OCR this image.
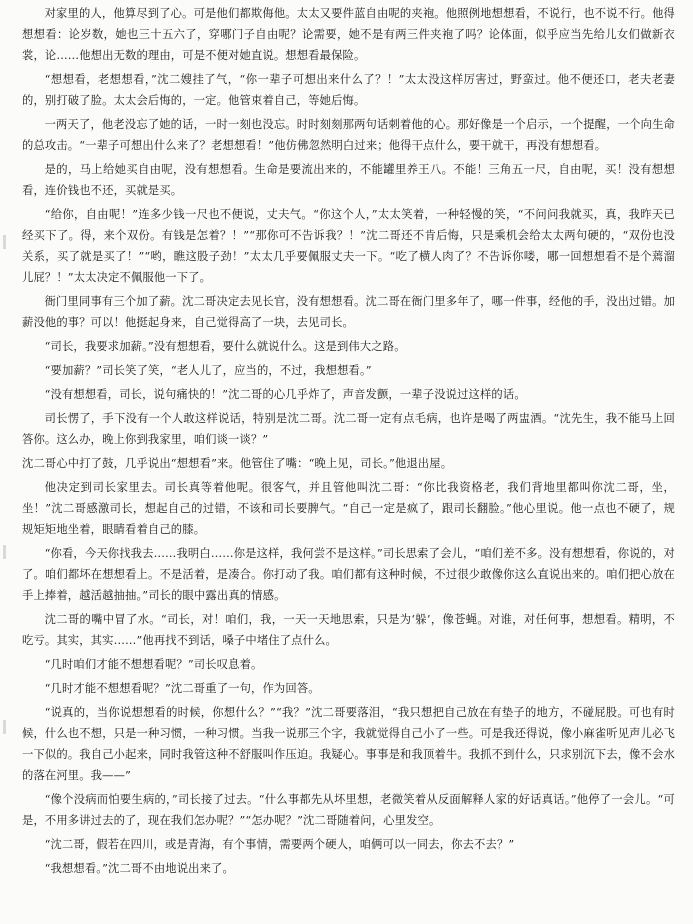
对家里的人，他算尽到了心。可是他们都欺侮他。太太又要件蓝自由呢的夹袍。他照例地想想看，不说行，也不说不行。他得想想看：论岁数，她也三十五六了，穿哪门子自由呢？论需要，她不是有两三件夹袍了吗？论体面，似乎应当先给儿女们做新衣裳，论……他想出无数的理由，可是不便对她直说。想想看最保险。

“想想看，老想想看，”沈二嫂挂了气，“你一辈子可想出来什么了？！”太太没这样厉害过，野蛮过。他不便还口，老夫老妻的，别打破了脸。太太会后悔的，一定。他管束着自己，等她后悔。

一两天了，他老没忘了她的话，一时一刻也没忘。时时刻刻那两句话刺着他的心。那好像是一个启示，一个提醒，一个向生命的总攻击。“一辈子可想出什么来了？老想想看！”他仿佛忽然明白过来；他得干点什么，要干就干，再没有想想看。

是的，马上给她买自由呢，没有想想看。生命是要流出来的，不能罐里养王八。不能！三角五一尺，自由呢，买！没有想想看，连价钱也不还，买就是买。

“给你，自由呢！”连多少钱一尺也不便说，丈夫气。“你这个人，”太太笑着，一种轻慢的笑，“不问问我就买，真，我昨天已经买下了。得，来个双份。有钱是怎着？！”“那你可不告诉我？！”沈二哥还不肯后悔，只是乘机会给太太两句硬的，“双份也没关系，买了就是买了！”“哟，瞧这股子劲！”太太几乎要佩服丈夫一下。“吃了横人肉了？不告诉你喽，哪一回想想看不是个蔫溜儿屁？！”太太决定不佩服他一下了。

衙门里同事有三个加了薪。沈二哥决定去见长官，没有想想看。沈二哥在衙门里多年了，哪一件事，经他的手，没出过错。加薪没他的事？可以！他挺起身来，自己觉得高了一块，去见司长。

“司长，我要求加薪。”没有想想看，要什么就说什么。这是到伟大之路。

“要加薪？”司长笑了笑，“老人儿了，应当的，不过，我想想看。”

“没有想想看，司长，说句痛快的！”沈二哥的心几乎炸了，声音发颤，一辈子没说过这样的话。

司长愣了，手下没有一个人敢这样说话，特别是沈二哥。沈二哥一定有点毛病，也许是喝了两盅酒。“沈先生，我不能马上回答你。这么办，晚上你到我家里，咱们谈一谈？”

沈二哥心中打了鼓，几乎说出“想想看”来。他管住了嘴：“晚上见，司长。”他退出屋。

他决定到司长家里去。司长真等着他呢。很客气，并且管他叫沈二哥：“你比我资格老，我们背地里都叫你沈二哥，坐，坐！”沈二哥感激司长，想起自己的过错，不该和司长要脾气。“自己一定是疯了，跟司长翻脸。”他心里说。他一点也不硬了，规规矩矩地坐着，眼睛看着自己的膝。

“你看，今天你找我去……我明白……你是这样，我何尝不是这样。”司长思索了会儿，“咱们差不多。没有想想看，你说的，对了。咱们都坏在想想看上。不是活着，是凑合。你打动了我。咱们都有这种时候，不过很少敢像你这么直说出来的。咱们把心放在手上捧着，越活越抽抽。”司长的眼中露出真的情感。

沈二哥的嘴中冒了水。“司长，对！咱们，我，一天一天地思索，只是为‘躲’，像苍蝇。对谁，对任何事，想想看。精明，不吃亏。其实，其实……”他再找不到话，嗓子中堵住了点什么。

“几时咱们才能不想想看呢？”司长叹息着。

“几时才能不想想看呢？”沈二哥重了一句，作为回答。

“说真的，当你说想想看的时候，你想什么？”“我？”沈二哥要落泪，“我只想把自己放在有垫子的地方，不碰屁股。可也有时候，什么也不想，只是一种习惯，一种习惯。当我一说那三个字，我就觉得自己小了一些。可是我还得说，像小麻雀听见声儿必飞一下似的。我自己小起来，同时我管这种不舒服叫作压迫。我疑心。事事是和我顶着牛。我抓不到什么，只求别沉下去，像不会水的落在河里。我——”

“像个没病而怕要生病的，”司长接了过去。“什么事都先从坏里想，老微笑着从反面解释人家的好话真话。”他停了一会儿。“可是，不用多讲过去的了，现在我们怎办呢？”“怎办呢？”沈二哥随着问，心里发空。

“沈二哥，假若在四川，或是青海，有个事情，需要两个硬人，咱俩可以一同去，你去不去？”

“我想想看。”沈二哥不由地说出来了。
